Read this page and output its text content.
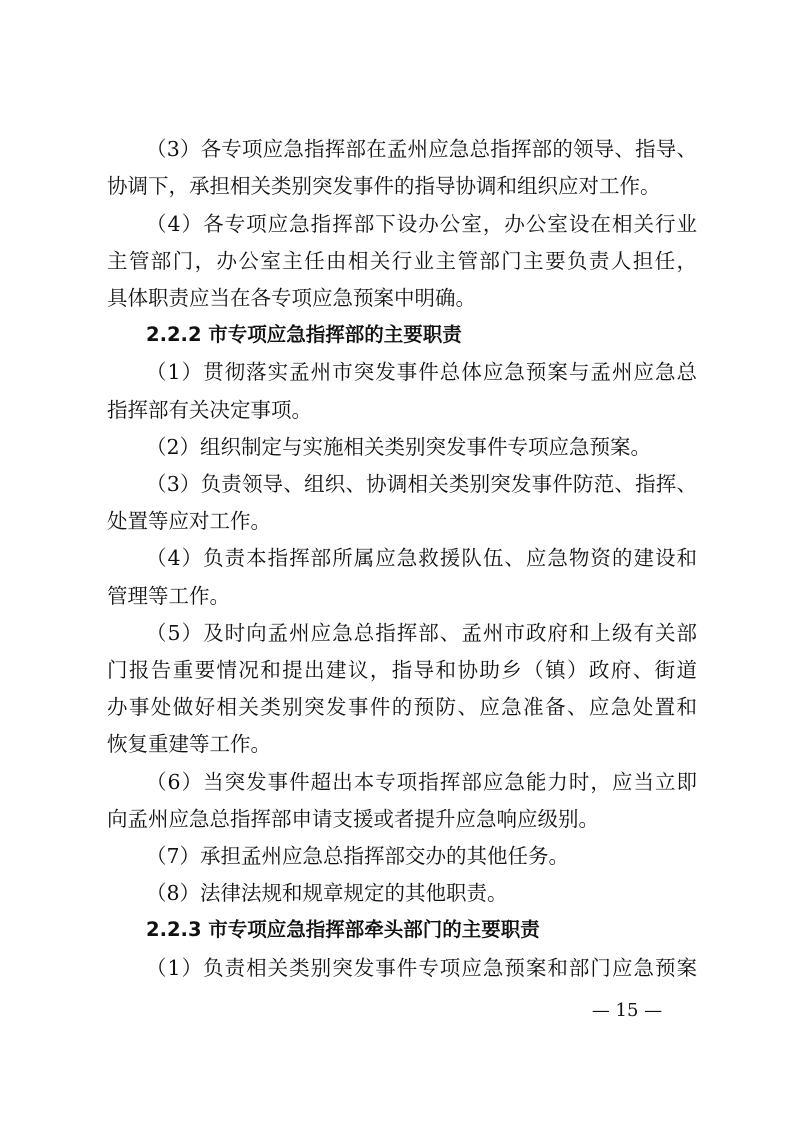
（3）各专项应急指挥部在孟州应急总指挥部的领导、指导、
协调下，承担相关类别突发事件的指导协调和组织应对工作。
（4）各专项应急指挥部下设办公室，办公室设在相关行业
主管部门，办公室主任由相关行业主管部门主要负责人担任，
具体职责应当在各专项应急预案中明确。
2.2.2 市专项应急指挥部的主要职责
（1）贯彻落实孟州市突发事件总体应急预案与孟州应急总
指挥部有关决定事项。
（2）组织制定与实施相关类别突发事件专项应急预案。
（3）负责领导、组织、协调相关类别突发事件防范、指挥、
处置等应对工作。
（4）负责本指挥部所属应急救援队伍、应急物资的建设和
管理等工作。
（5）及时向孟州应急总指挥部、孟州市政府和上级有关部
门报告重要情况和提出建议，指导和协助乡（镇）政府、街道
办事处做好相关类别突发事件的预防、应急准备、应急处置和
恢复重建等工作。
（6）当突发事件超出本专项指挥部应急能力时，应当立即
向孟州应急总指挥部申请支援或者提升应急响应级别。
（7）承担孟州应急总指挥部交办的其他任务。
（8）法律法规和规章规定的其他职责。
2.2.3 市专项应急指挥部牵头部门的主要职责
（1）负责相关类别突发事件专项应急预案和部门应急预案
— 15 —
